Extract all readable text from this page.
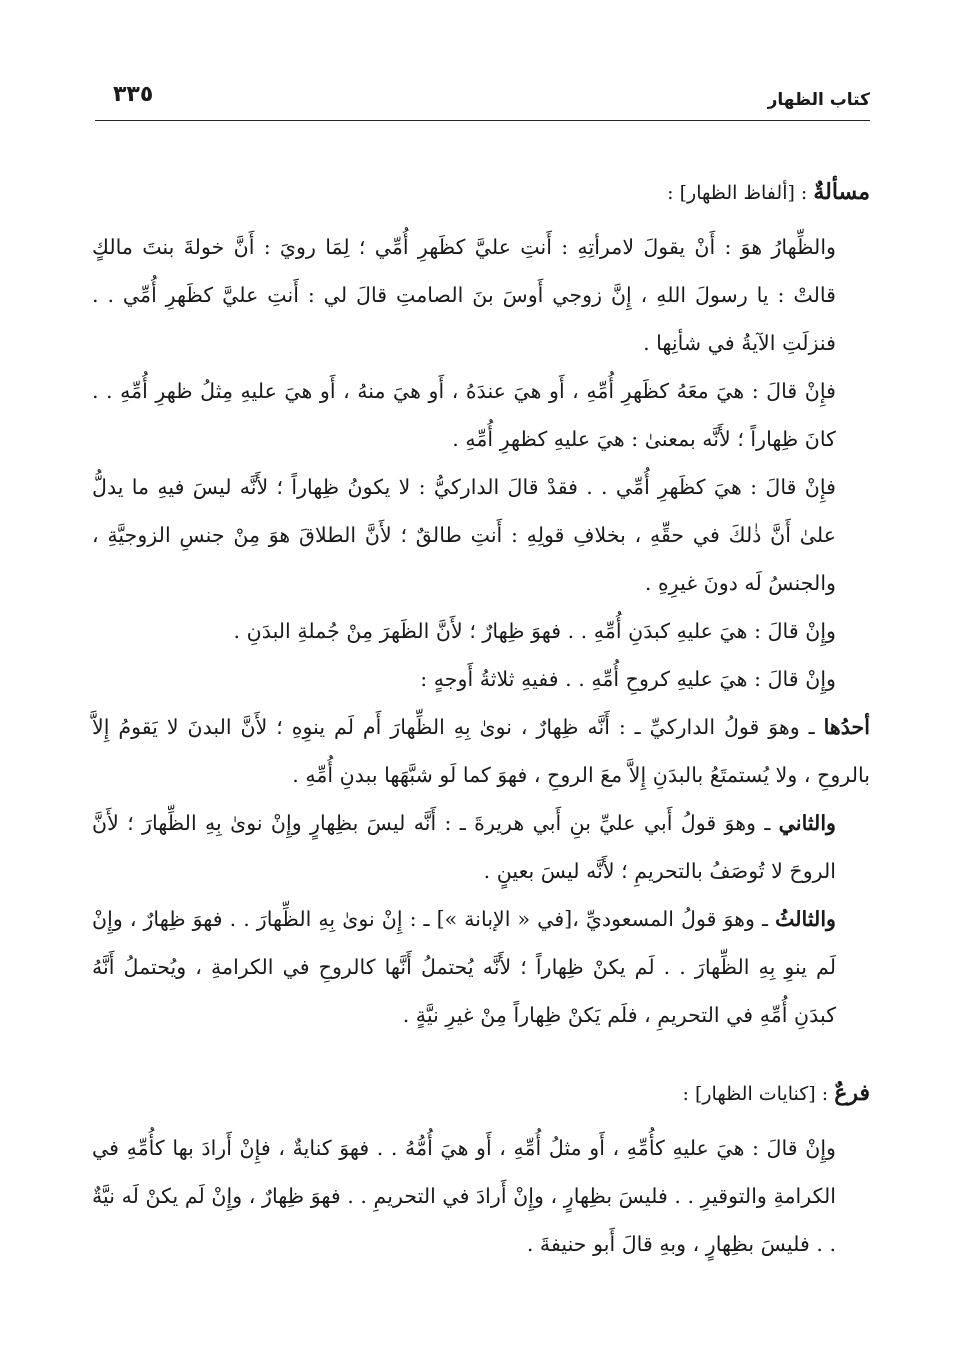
كتاب الظهار
٣٣٥

مسألةٌ : [ألفاظ الظهار] :

والظِّهارُ هوَ : أَنْ يقولَ لامرأتِهِ : أَنتِ عليَّ كظَهرِ أُمِّي ؛ لِمَا رويَ : أَنَّ خولةَ بنتَ مالكٍ قالتْ : يا رسولَ اللهِ ، إِنَّ زوجي أَوسَ بنَ الصامتِ قالَ لي : أَنتِ عليَّ كظَهرِ أُمِّي . . فنزلَتِ الآيةُ في شأنِها .

فإِنْ قالَ : هيَ معَهُ كظَهرِ أُمِّهِ ، أَو هيَ عندَهُ ، أَو هيَ منهُ ، أَو هيَ عليهِ مِثلُ ظهرِ أُمِّهِ . . كانَ ظِهاراً ؛ لأَنَّه بمعنىٰ : هيَ عليهِ كظهرِ أُمِّهِ .

فإِنْ قالَ : هيَ كظَهرِ أُمِّي . . فقدْ قالَ الداركيُّ : لا يكونُ ظِهاراً ؛ لأَنَّه ليسَ فيهِ ما يدلُّ علىٰ أَنَّ ذٰلكَ في حقِّهِ ، بخلافِ قولِهِ : أَنتِ طالقٌ ؛ لأَنَّ الطلاقَ هوَ مِنْ جنسِ الزوجيَّةِ ، والجنسُ لَه دونَ غيرِهِ .

وإِنْ قالَ : هيَ عليهِ كبدَنِ أُمِّهِ . . فهوَ ظِهارٌ ؛ لأَنَّ الظَهرَ مِنْ جُملةِ البدَنِ .

وإِنْ قالَ : هيَ عليهِ كروحِ أُمِّهِ . . ففيهِ ثلاثةُ أَوجهٍ :

أحدُها ـ وهوَ قولُ الداركيِّ ـ : أَنَّه ظِهارٌ ، نوىٰ بِهِ الظِّهارَ أَم لَم ينوِهِ ؛ لأَنَّ البدنَ لا يَقومُ إِلاَّ بالروحِ ، ولا يُستمتَعُ بالبدَنِ إِلاَّ معَ الروحِ ، فهوَ كما لَو شبَّهَها ببدنِ أُمِّهِ .

والثاني ـ وهوَ قولُ أَبي عليِّ بنِ أَبي هريرةَ ـ : أَنَّه ليسَ بظِهارٍ وإِنْ نوىٰ بِهِ الظِّهارَ ؛ لأَنَّ الروحَ لا تُوصَفُ بالتحريمِ ؛ لأَنَّه ليسَ بعينٍ .

والثالثُ ـ وهوَ قولُ المسعوديِّ ،[في « الإبانة »] ـ : إِنْ نوىٰ بِهِ الظِّهارَ . . فهوَ ظِهارٌ ، وإِنْ لَم ينوِ بِهِ الظِّهارَ . . لَم يكنْ ظِهاراً ؛ لأَنَّه يُحتملُ أَنَّها كالروحِ في الكرامةِ ، ويُحتملُ أَنَّهُ كبدَنِ أُمِّهِ في التحريمِ ، فلَم يَكنْ ظِهاراً مِنْ غيرِ نيَّةٍ .

فرعٌ : [كنايات الظهار] :

وإِنْ قالَ : هيَ عليهِ كأُمِّهِ ، أَو مثلُ أُمِّهِ ، أَو هيَ أُمُّهُ . . فهوَ كنايةٌ ، فإِنْ أَرادَ بها كأُمِّهِ في الكرامةِ والتوقيرِ . . فليسَ بظِهارٍ ، وإِنْ أَرادَ في التحريمِ . . فهوَ ظِهارٌ ، وإِنْ لَم يكنْ لَه نيَّةٌ . . فليسَ بظِهارٍ ، وبهِ قالَ أَبو حنيفةَ .
